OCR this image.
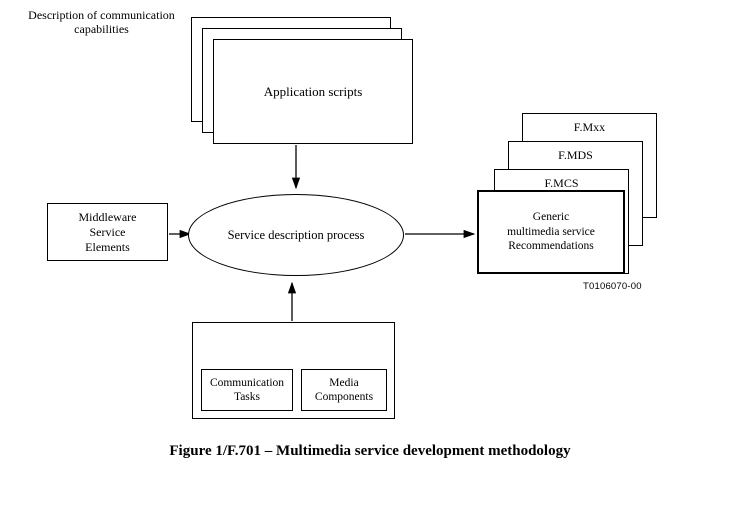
Application scripts
Middleware
Service
Elements
Service description process
Description of communication
capabilities
Communication
Tasks
Media
Components
F.Mxx
F.MDS
F.MCS
Generic
multimedia service
Recommendations
T0106070-00
Figure 1/F.701 – Multimedia service development methodology
